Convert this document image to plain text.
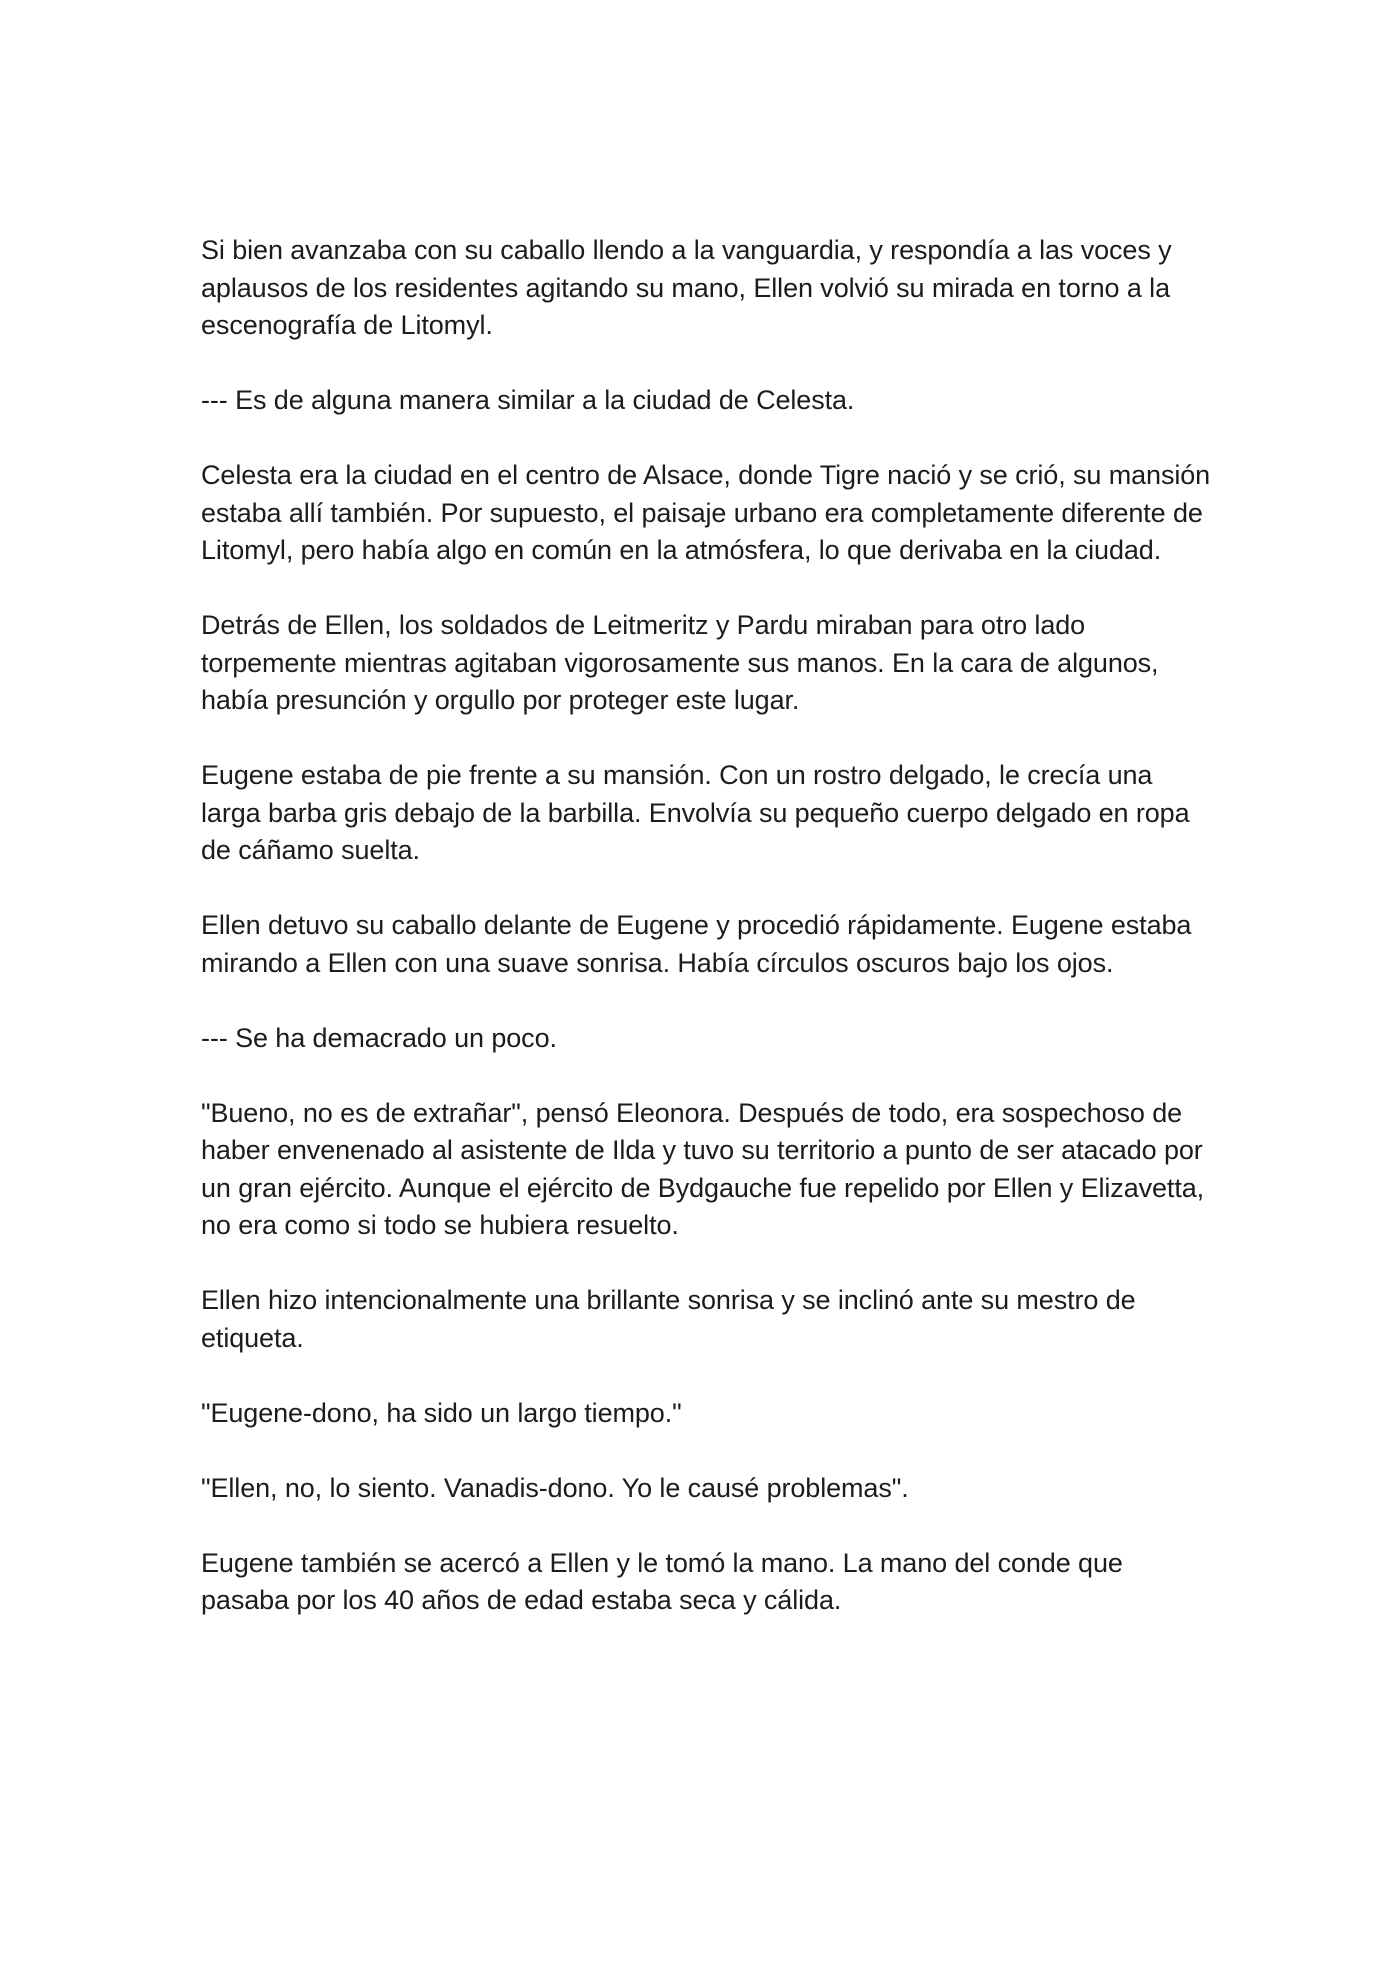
Si bien avanzaba con su caballo llendo a la vanguardia, y respondía a las voces y aplausos de los residentes agitando su mano, Ellen volvió su mirada en torno a la escenografía de Litomyl.

--- Es de alguna manera similar a la ciudad de Celesta.

Celesta era la ciudad en el centro de Alsace, donde Tigre nació y se crió, su mansión estaba allí también. Por supuesto, el paisaje urbano era completamente diferente de Litomyl, pero había algo en común en la atmósfera, lo que derivaba en la ciudad.

Detrás de Ellen, los soldados de Leitmeritz y Pardu miraban para otro lado torpemente mientras agitaban vigorosamente sus manos. En la cara de algunos, había presunción y orgullo por proteger este lugar.

Eugene estaba de pie frente a su mansión. Con un rostro delgado, le crecía una larga barba gris debajo de la barbilla. Envolvía su pequeño cuerpo delgado en ropa de cáñamo suelta.

Ellen detuvo su caballo delante de Eugene y procedió rápidamente. Eugene estaba mirando a Ellen con una suave sonrisa. Había círculos oscuros bajo los ojos.

--- Se ha demacrado un poco.

"Bueno, no es de extrañar", pensó Eleonora. Después de todo, era sospechoso de haber envenenado al asistente de Ilda y tuvo su territorio a punto de ser atacado por un gran ejército. Aunque el ejército de Bydgauche fue repelido por Ellen y Elizavetta, no era como si todo se hubiera resuelto.

Ellen hizo intencionalmente una brillante sonrisa y se inclinó ante su mestro de etiqueta.

"Eugene-dono, ha sido un largo tiempo."

"Ellen, no, lo siento. Vanadis-dono. Yo le causé problemas".

Eugene también se acercó a Ellen y le tomó la mano. La mano del conde que pasaba por los 40 años de edad estaba seca y cálida.
